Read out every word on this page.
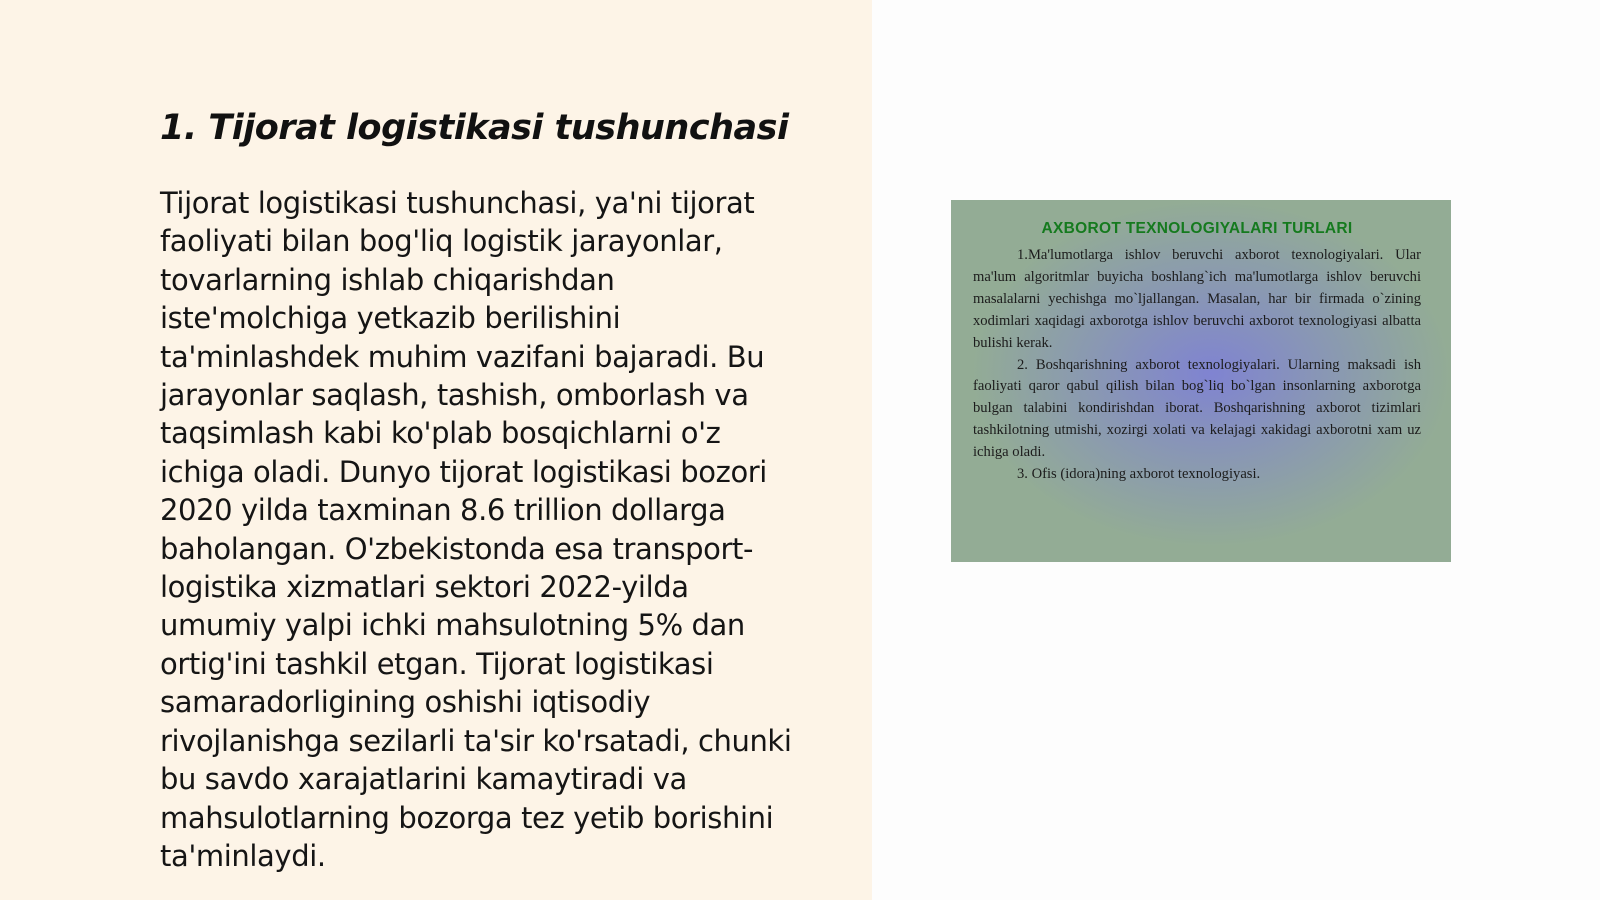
1. Tijorat logistikasi tushunchasi

Tijorat logistikasi tushunchasi, ya'ni tijorat
faoliyati bilan bog'liq logistik jarayonlar,
tovarlarning ishlab chiqarishdan
iste'molchiga yetkazib berilishini
ta'minlashdek muhim vazifani bajaradi. Bu
jarayonlar saqlash, tashish, omborlash va
taqsimlash kabi ko'plab bosqichlarni o'z
ichiga oladi. Dunyo tijorat logistikasi bozori
2020 yilda taxminan 8.6 trillion dollarga
baholangan. O'zbekistonda esa transport-
logistika xizmatlari sektori 2022-yilda
umumiy yalpi ichki mahsulotning 5% dan
ortig'ini tashkil etgan. Tijorat logistikasi
samaradorligining oshishi iqtisodiy
rivojlanishga sezilarli ta'sir ko'rsatadi, chunki
bu savdo xarajatlarini kamaytiradi va
mahsulotlarning bozorga tez yetib borishini
ta'minlaydi.

AXBOROT TEXNOLOGIYALARI TURLARI

1.Ma'lumotlarga ishlov beruvchi axborot texnologiyalari. Ular ma'lum algoritmlar buyicha boshlang`ich ma'lumotlarga ishlov beruvchi masalalarni yechishga mo`ljallangan. Masalan, har bir firmada o`zining xodimlari xaqidagi axborotga ishlov beruvchi axborot texnologiyasi albatta bulishi kerak.

2. Boshqarishning axborot texnologiyalari. Ularning maksadi ish faoliyati qaror qabul qilish bilan bog`liq bo`lgan insonlarning axborotga bulgan talabini kondirishdan iborat. Boshqarishning axborot tizimlari tashkilotning utmishi, xozirgi xolati va kelajagi xakidagi axborotni xam uz ichiga oladi.

3. Ofis (idora)ning axborot texnologiyasi.
